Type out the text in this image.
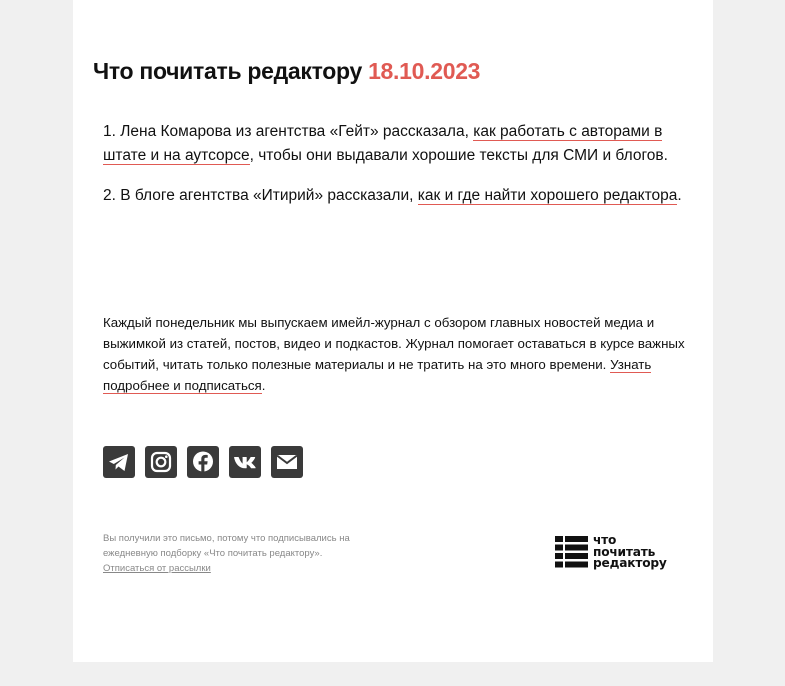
Что почитать редактору 18.10.2023

1. Лена Комарова из агентства «Гейт» рассказала, как работать с авторами в штате и на аутсорсе, чтобы они выдавали хорошие тексты для СМИ и блогов.

2. В блоге агентства «Итирий» рассказали, как и где найти хорошего редактора.

Каждый понедельник мы выпускаем имейл-журнал с обзором главных новостей медиа и выжимкой из статей, постов, видео и подкастов. Журнал помогает оставаться в курсе важных событий, читать только полезные материалы и не тратить на это много времени. Узнать подробнее и подписаться.
Вы получили это письмо, потому что подписывались на ежедневную подборку «Что почитать редактору».
Отписаться от рассылки
что
почитать
редактору
